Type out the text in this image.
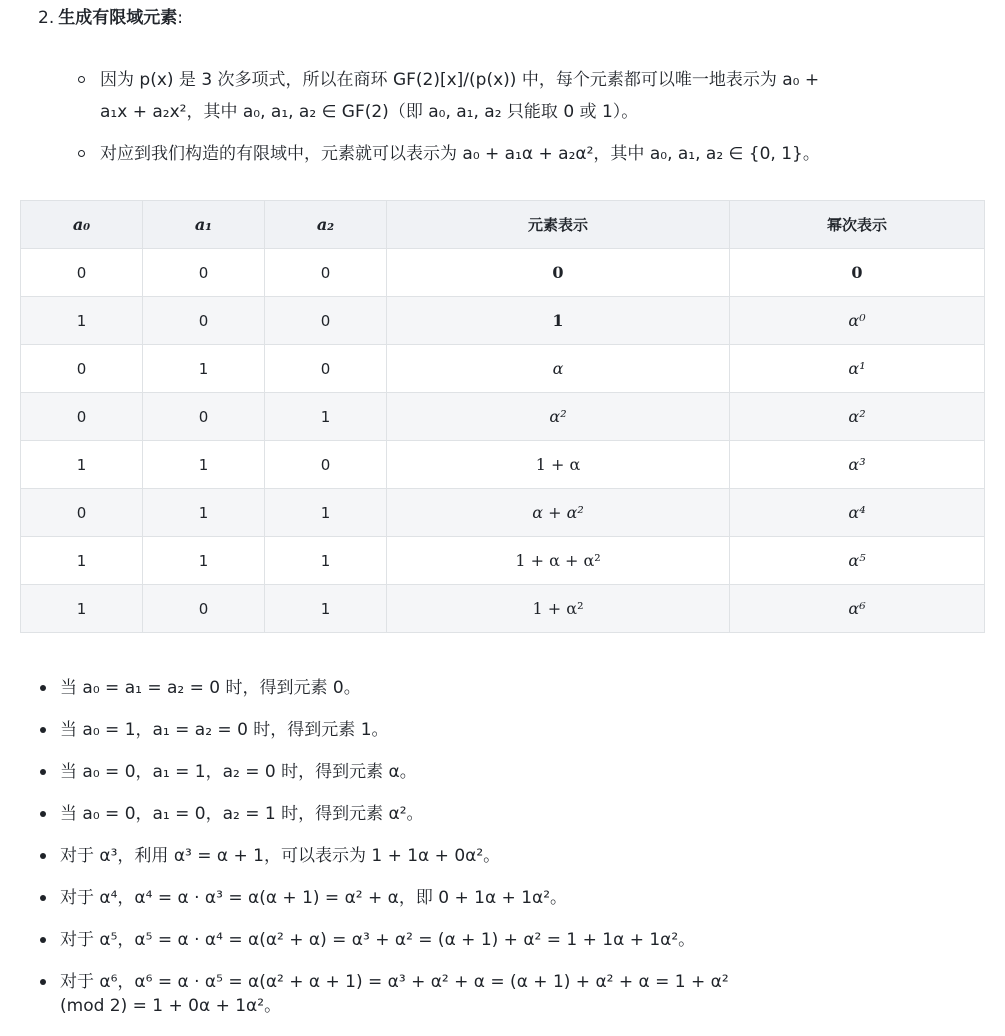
2. 生成有限域元素:
因为 p(x) 是 3 次多项式，所以在商环 GF(2)[x]/(p(x)) 中，每个元素都可以唯一地表示为 a₀ +
a₁x + a₂x²，其中 a₀, a₁, a₂ ∈ GF(2)（即 a₀, a₁, a₂ 只能取 0 或 1）。
对应到我们构造的有限域中，元素就可以表示为 a₀ + a₁α + a₂α²，其中 a₀, a₁, a₂ ∈ {0, 1}。
a₀	a₁	a₂	元素表示	幂次表示
0	0	0	0	0
1	0	0	1	α⁰
0	1	0	α	α¹
0	0	1	α²	α²
1	1	0	1 + α	α³
0	1	1	α + α²	α⁴
1	1	1	1 + α + α²	α⁵
1	0	1	1 + α²	α⁶
当 a₀ = a₁ = a₂ = 0 时，得到元素 0。
当 a₀ = 1，a₁ = a₂ = 0 时，得到元素 1。
当 a₀ = 0，a₁ = 1，a₂ = 0 时，得到元素 α。
当 a₀ = 0，a₁ = 0，a₂ = 1 时，得到元素 α²。
对于 α³，利用 α³ = α + 1，可以表示为 1 + 1α + 0α²。
对于 α⁴，α⁴ = α · α³ = α(α + 1) = α² + α，即 0 + 1α + 1α²。
对于 α⁵，α⁵ = α · α⁴ = α(α² + α) = α³ + α² = (α + 1) + α² = 1 + 1α + 1α²。
对于 α⁶，α⁶ = α · α⁵ = α(α² + α + 1) = α³ + α² + α = (α + 1) + α² + α = 1 + α²
(mod 2) = 1 + 0α + 1α²。
